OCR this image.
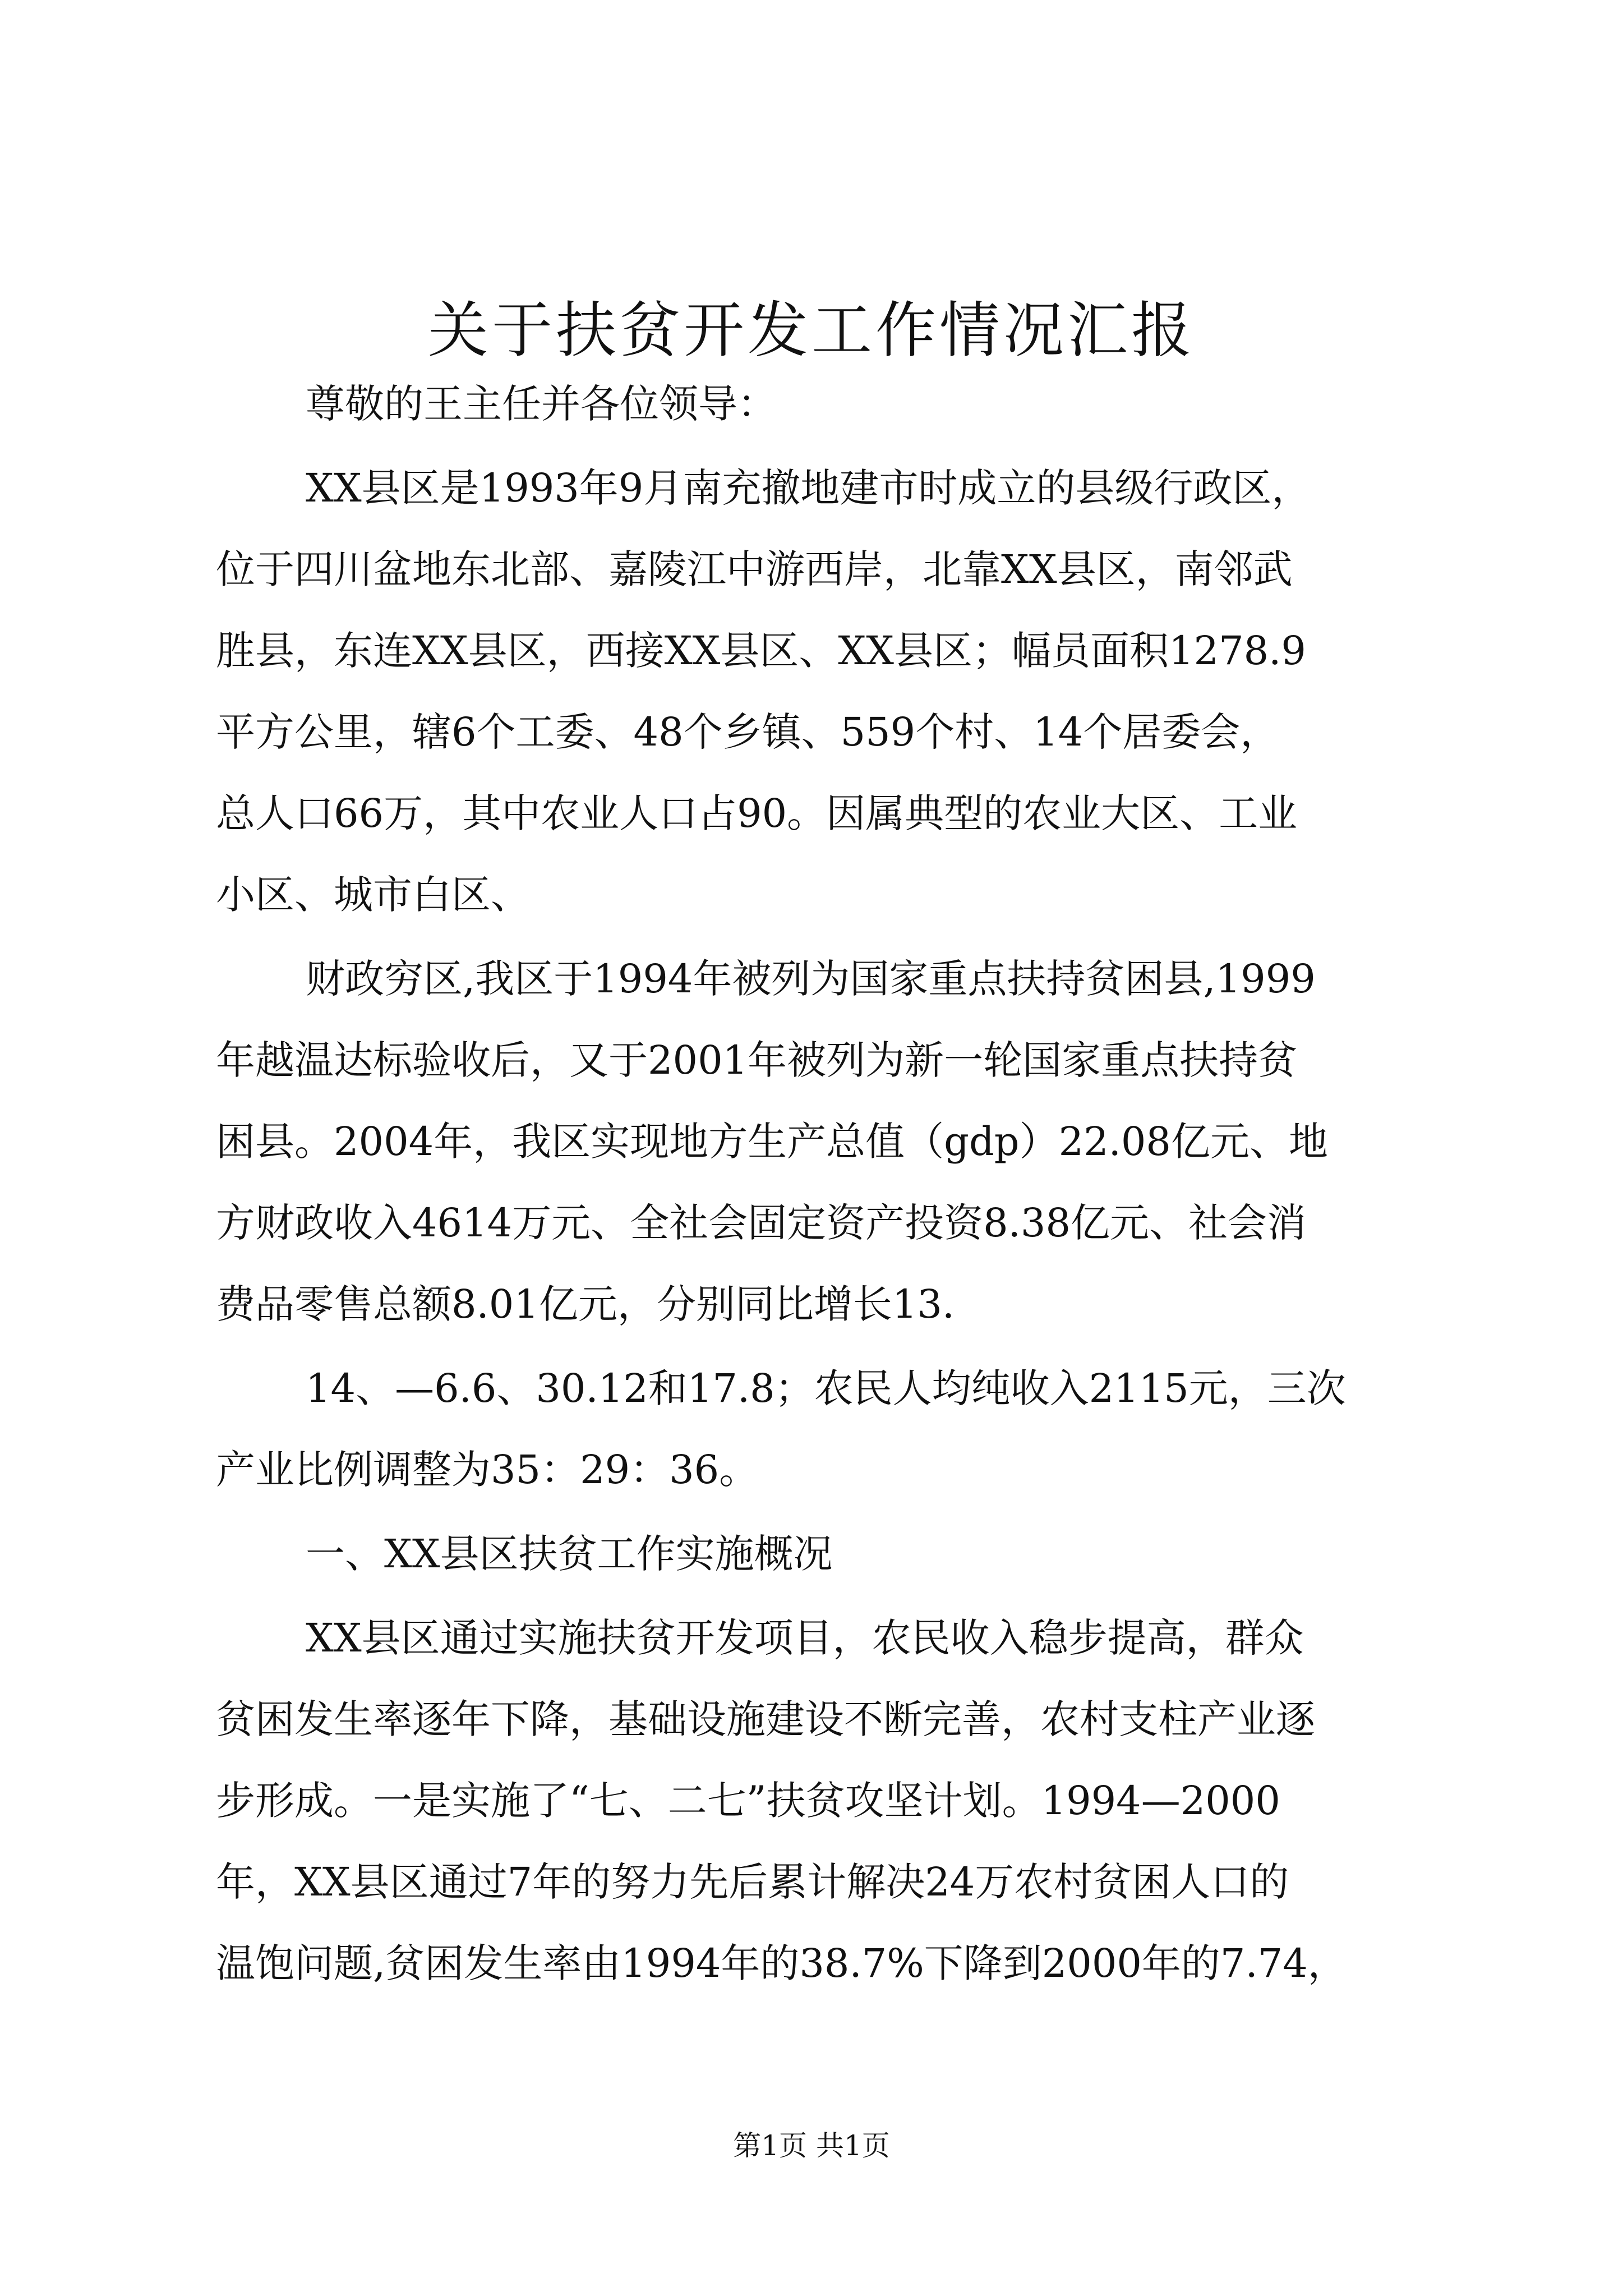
关于扶贫开发工作情况汇报

尊敬的王主任并各位领导：

XX县区是1993年9月南充撤地建市时成立的县级行政区，

位于四川盆地东北部、嘉陵江中游西岸，北靠XX县区，南邻武

胜县，东连XX县区，西接XX县区、XX县区；幅员面积1278.9

平方公里，辖6个工委、48个乡镇、559个村、14个居委会，

总人口66万，其中农业人口占90。因属典型的农业大区、工业

小区、城市白区、

财政穷区,我区于1994年被列为国家重点扶持贫困县,1999

年越温达标验收后，又于2001年被列为新一轮国家重点扶持贫

困县。2004年，我区实现地方生产总值（gdp）22.08亿元、地

方财政收入4614万元、全社会固定资产投资8.38亿元、社会消

费品零售总额8.01亿元，分别同比增长13.

14、—6.6、30.12和17.8；农民人均纯收入2115元，三次

产业比例调整为35：29：36。

一、XX县区扶贫工作实施概况

XX县区通过实施扶贫开发项目，农民收入稳步提高，群众

贫困发生率逐年下降，基础设施建设不断完善，农村支柱产业逐

步形成。一是实施了“七、二七”扶贫攻坚计划。1994—2000

年，XX县区通过7年的努力先后累计解决24万农村贫困人口的

温饱问题,贫困发生率由1994年的38.7%下降到2000年的7.74，

第1页 共1页
